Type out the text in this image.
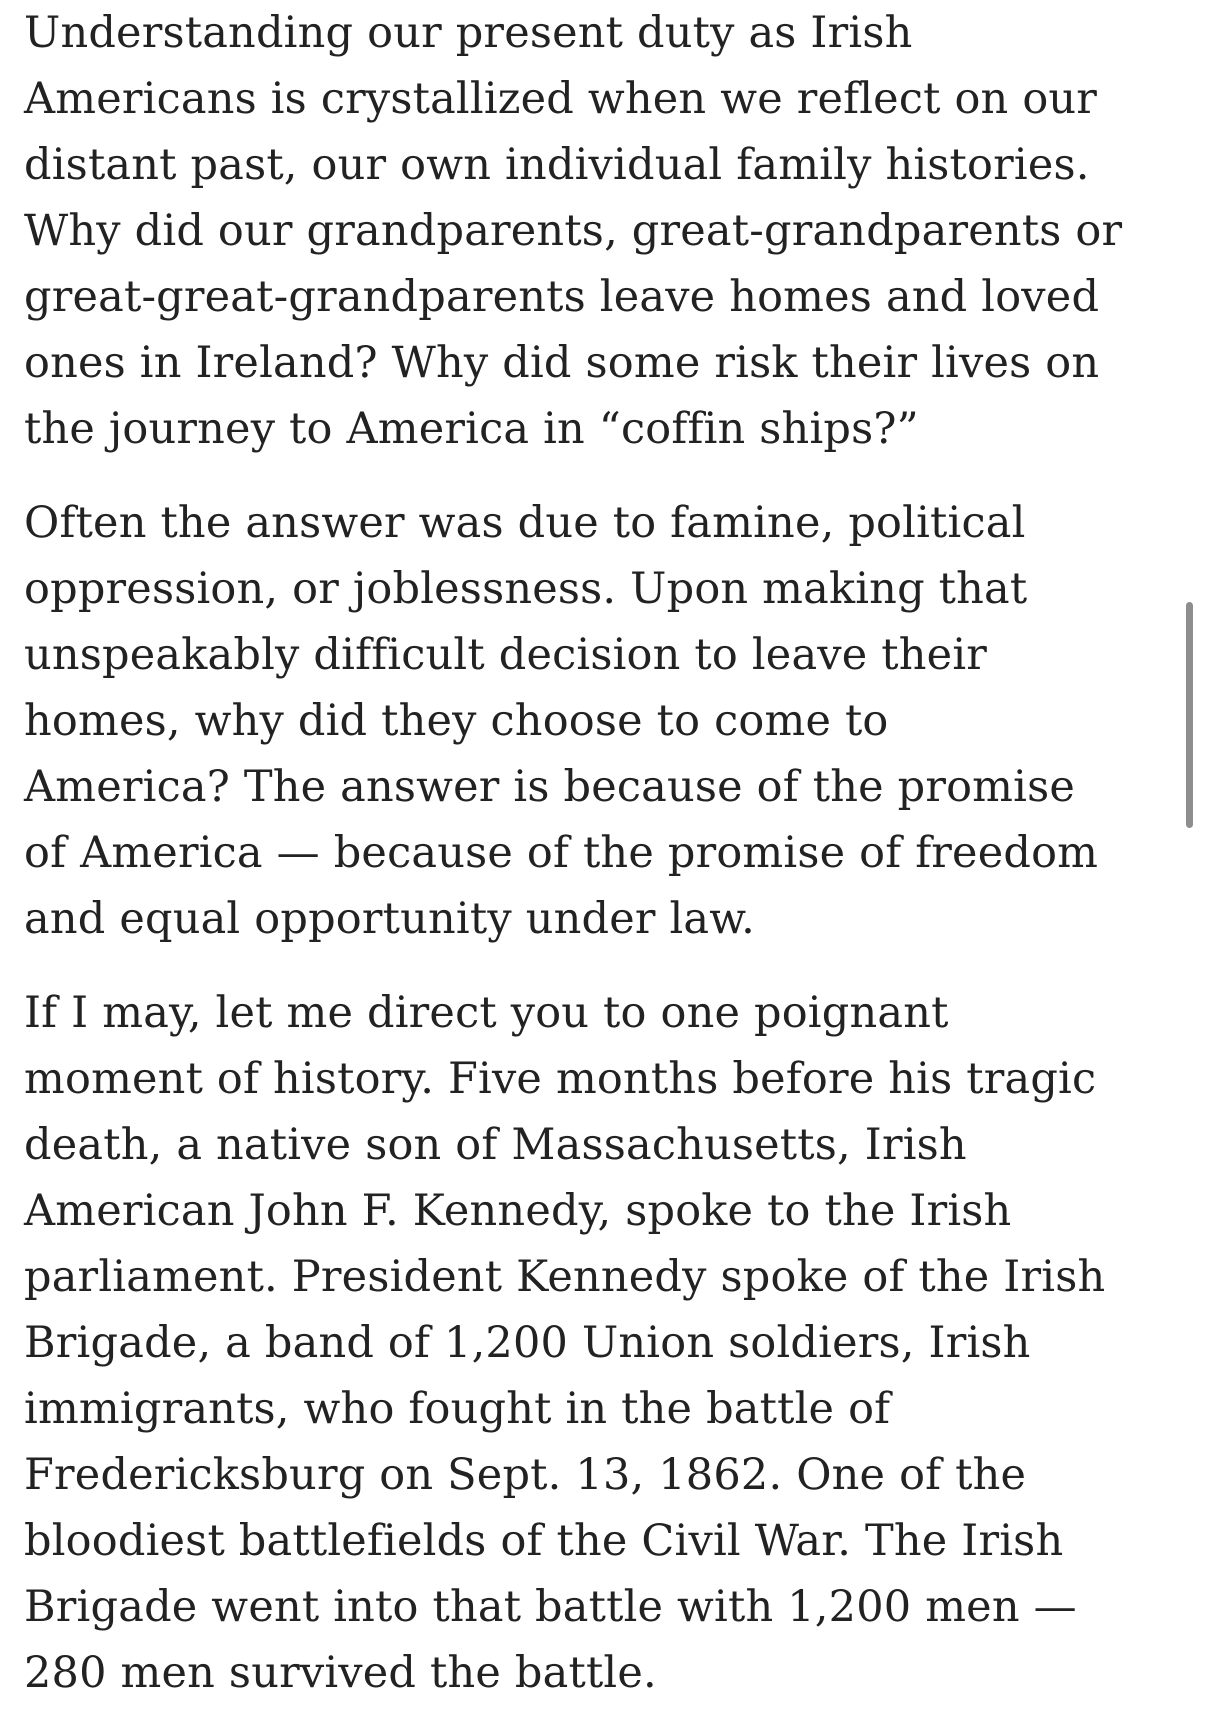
Understanding our present duty as Irish
Americans is crystallized when we reflect on our
distant past, our own individual family histories.
Why did our grandparents, great-grandparents or
great-great-grandparents leave homes and loved
ones in Ireland? Why did some risk their lives on
the journey to America in “coffin ships?”

Often the answer was due to famine, political
oppression, or joblessness. Upon making that
unspeakably difficult decision to leave their
homes, why did they choose to come to
America? The answer is because of the promise
of America — because of the promise of freedom
and equal opportunity under law.

If I may, let me direct you to one poignant
moment of history. Five months before his tragic
death, a native son of Massachusetts, Irish
American John F. Kennedy, spoke to the Irish
parliament. President Kennedy spoke of the Irish
Brigade, a band of 1,200 Union soldiers, Irish
immigrants, who fought in the battle of
Fredericksburg on Sept. 13, 1862. One of the
bloodiest battlefields of the Civil War. The Irish
Brigade went into that battle with 1,200 men —
280 men survived the battle.
